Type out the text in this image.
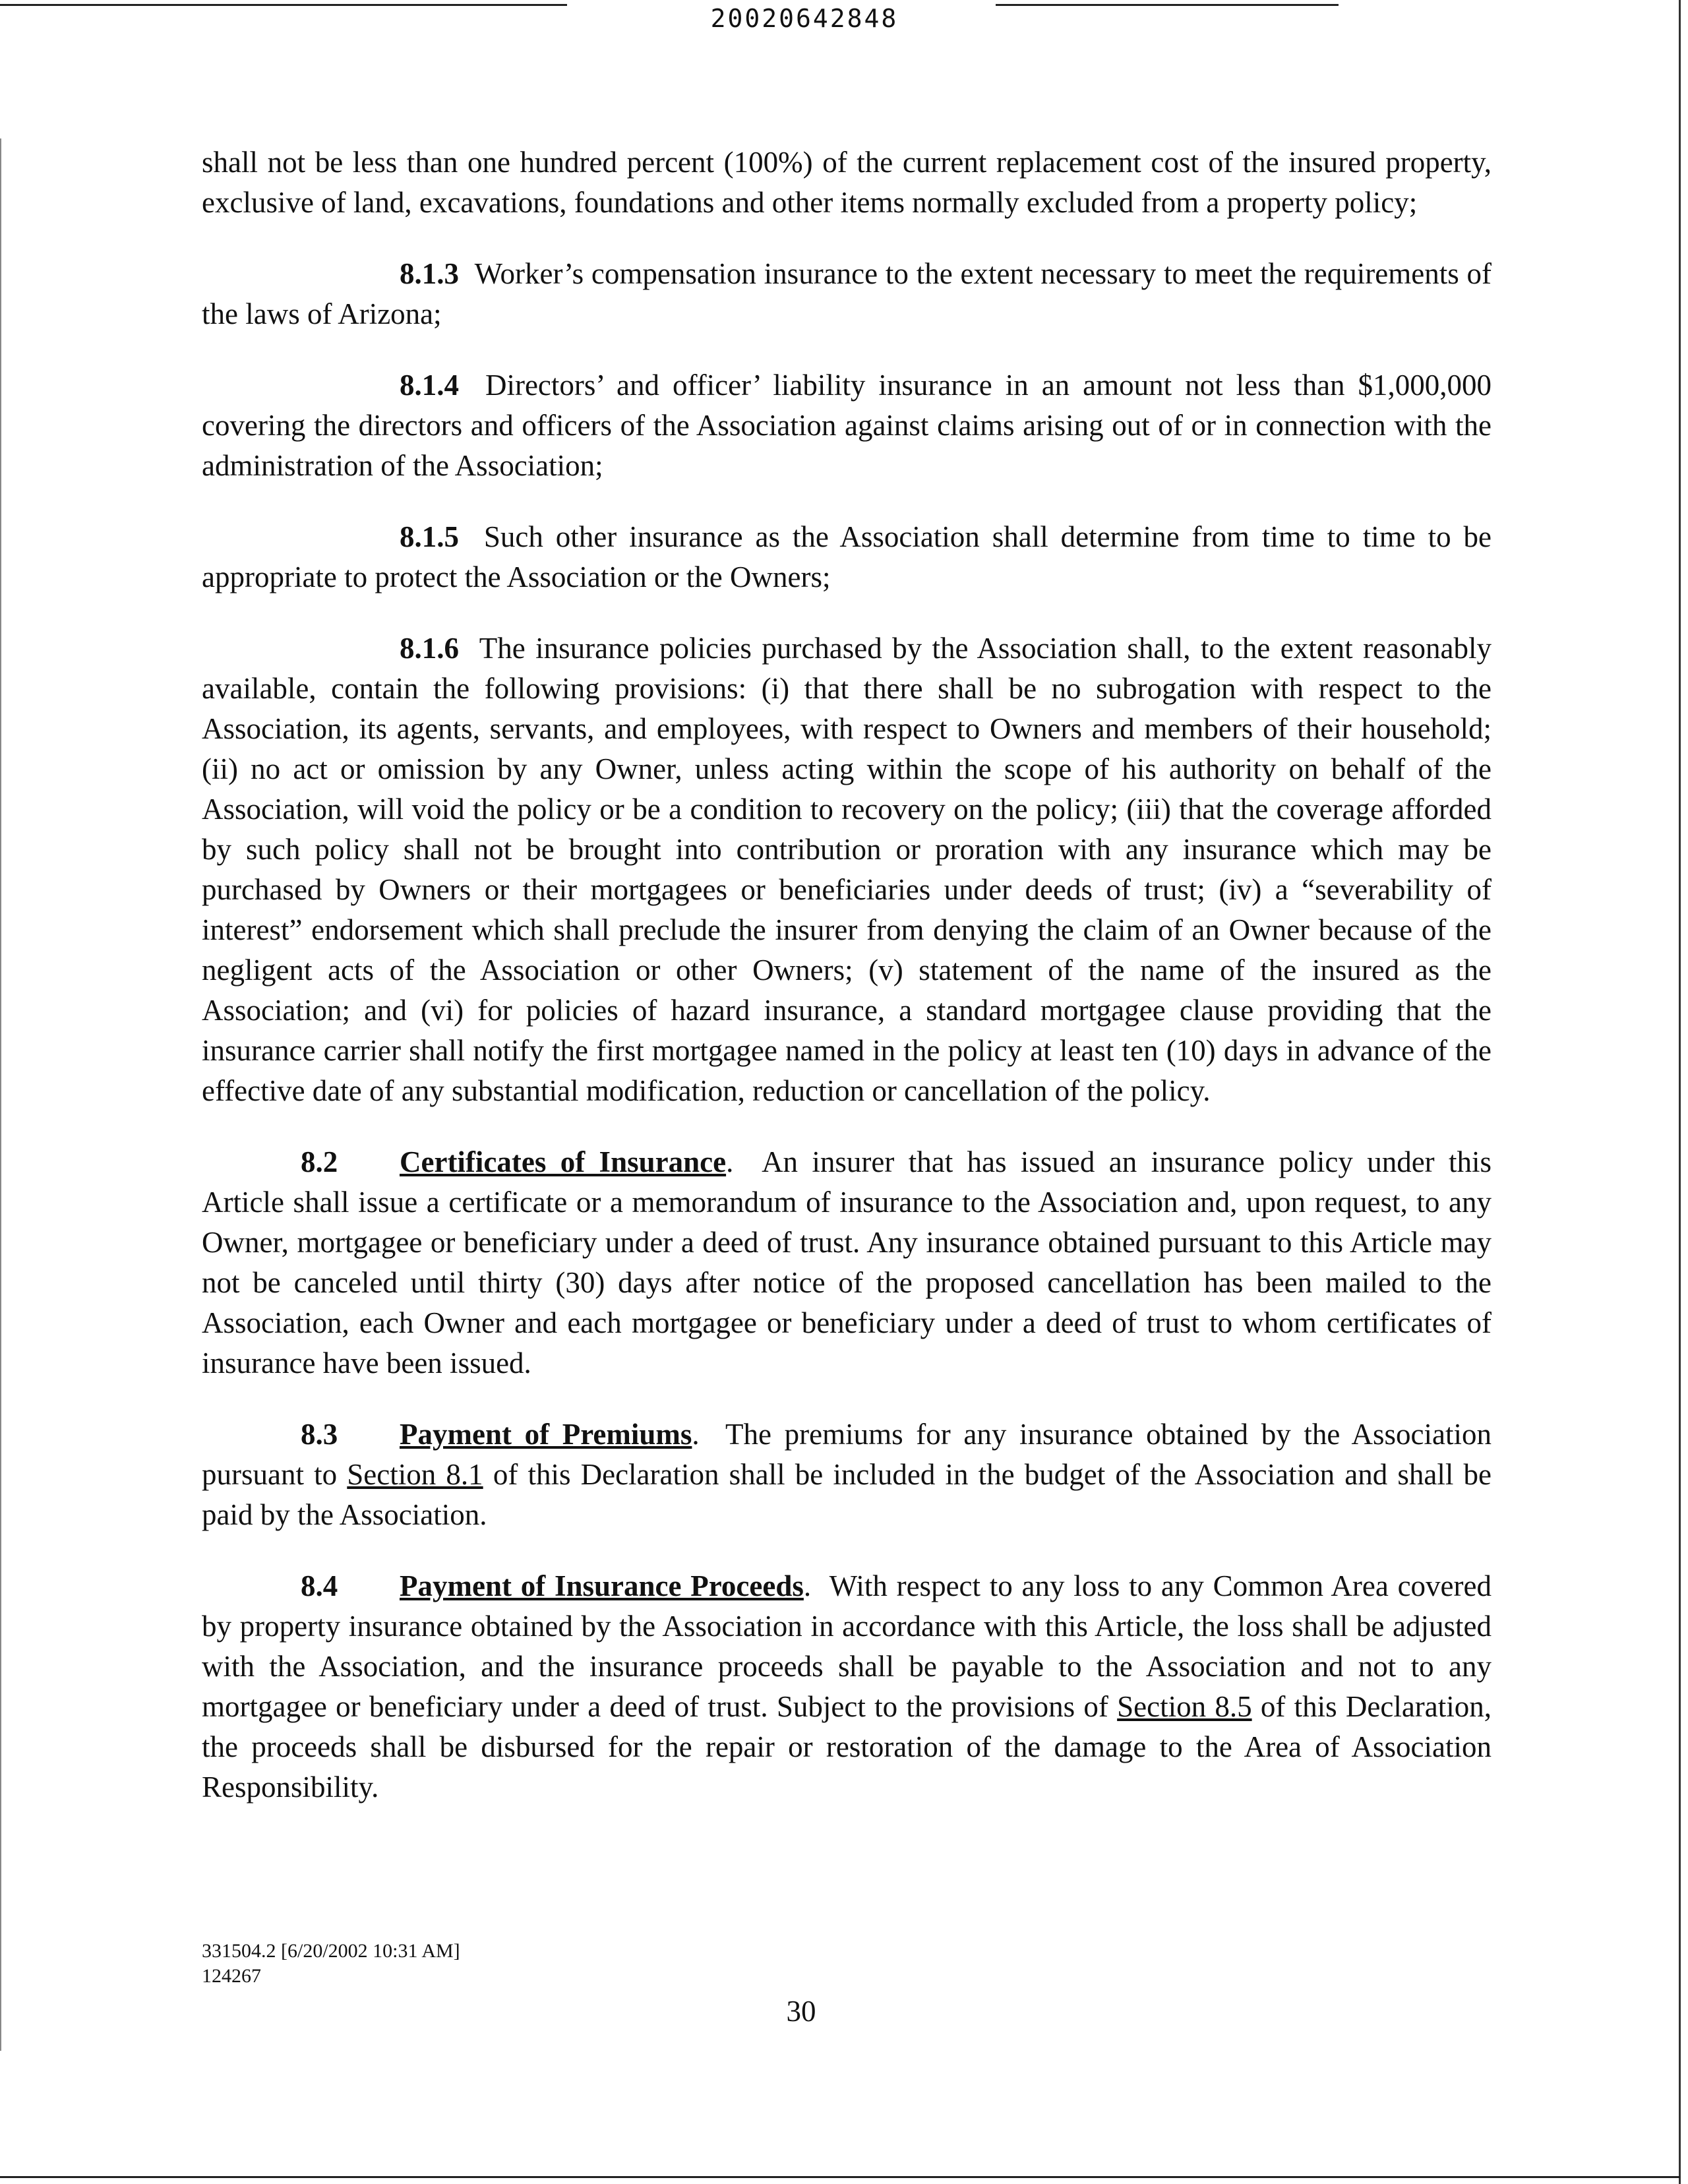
20020642848

shall not be less than one hundred percent (100%) of the current replacement cost of the insured property, exclusive of land, excavations, foundations and other items normally excluded from a property policy;

8.1.3 Worker’s compensation insurance to the extent necessary to meet the requirements of the laws of Arizona;

8.1.4 Directors’ and officer’ liability insurance in an amount not less than $1,000,000 covering the directors and officers of the Association against claims arising out of or in connection with the administration of the Association;

8.1.5 Such other insurance as the Association shall determine from time to time to be appropriate to protect the Association or the Owners;

8.1.6 The insurance policies purchased by the Association shall, to the extent reasonably available, contain the following provisions: (i) that there shall be no subrogation with respect to the Association, its agents, servants, and employees, with respect to Owners and members of their household; (ii) no act or omission by any Owner, unless acting within the scope of his authority on behalf of the Association, will void the policy or be a condition to recovery on the policy; (iii) that the coverage afforded by such policy shall not be brought into contribution or proration with any insurance which may be purchased by Owners or their mortgagees or beneficiaries under deeds of trust; (iv) a “severability of interest” endorsement which shall preclude the insurer from denying the claim of an Owner because of the negligent acts of the Association or other Owners; (v) statement of the name of the insured as the Association; and (vi) for policies of hazard insurance, a standard mortgagee clause providing that the insurance carrier shall notify the first mortgagee named in the policy at least ten (10) days in advance of the effective date of any substantial modification, reduction or cancellation of the policy.

8.2 Certificates of Insurance.  An insurer that has issued an insurance policy under this Article shall issue a certificate or a memorandum of insurance to the Association and, upon request, to any Owner, mortgagee or beneficiary under a deed of trust. Any insurance obtained pursuant to this Article may not be canceled until thirty (30) days after notice of the proposed cancellation has been mailed to the Association, each Owner and each mortgagee or beneficiary under a deed of trust to whom certificates of insurance have been issued.

8.3 Payment of Premiums.  The premiums for any insurance obtained by the Association pursuant to Section 8.1 of this Declaration shall be included in the budget of the Association and shall be paid by the Association.

8.4 Payment of Insurance Proceeds.  With respect to any loss to any Common Area covered by property insurance obtained by the Association in accordance with this Article, the loss shall be adjusted with the Association, and the insurance proceeds shall be payable to the Association and not to any mortgagee or beneficiary under a deed of trust. Subject to the provisions of Section 8.5 of this Declaration, the proceeds shall be disbursed for the repair or restoration of the damage to the Area of Association Responsibility.

331504.2 [6/20/2002 10:31 AM]
124267
30
